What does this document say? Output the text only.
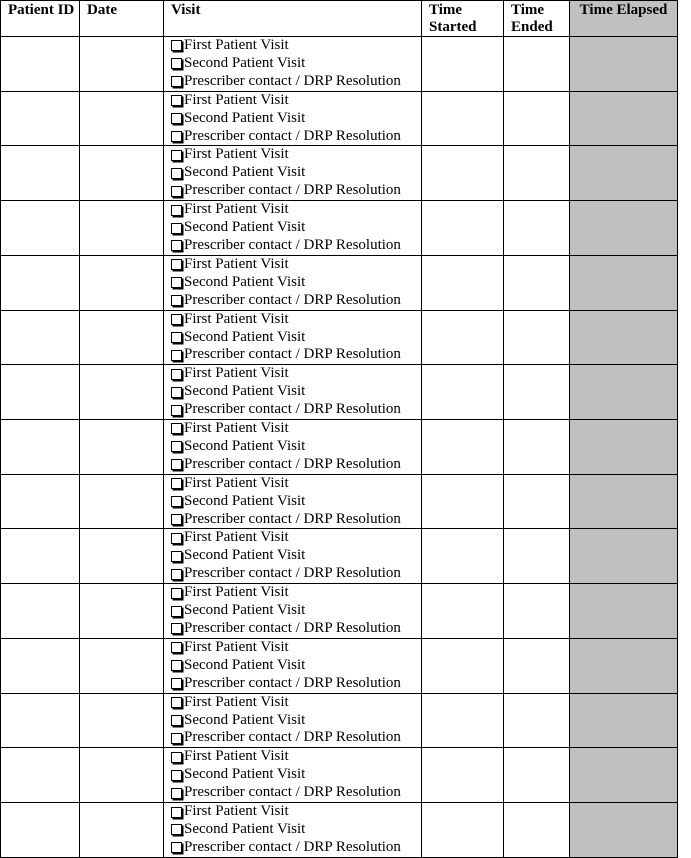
Patient ID	Date	Visit	Time Started	Time Ended	Time Elapsed

		First Patient Visit
Second Patient Visit
Prescriber contact / DRP Resolution			

		First Patient Visit
Second Patient Visit
Prescriber contact / DRP Resolution			

		First Patient Visit
Second Patient Visit
Prescriber contact / DRP Resolution			

		First Patient Visit
Second Patient Visit
Prescriber contact / DRP Resolution			

		First Patient Visit
Second Patient Visit
Prescriber contact / DRP Resolution			

		First Patient Visit
Second Patient Visit
Prescriber contact / DRP Resolution			

		First Patient Visit
Second Patient Visit
Prescriber contact / DRP Resolution			

		First Patient Visit
Second Patient Visit
Prescriber contact / DRP Resolution			

		First Patient Visit
Second Patient Visit
Prescriber contact / DRP Resolution			

		First Patient Visit
Second Patient Visit
Prescriber contact / DRP Resolution			

		First Patient Visit
Second Patient Visit
Prescriber contact / DRP Resolution			

		First Patient Visit
Second Patient Visit
Prescriber contact / DRP Resolution			

		First Patient Visit
Second Patient Visit
Prescriber contact / DRP Resolution			

		First Patient Visit
Second Patient Visit
Prescriber contact / DRP Resolution			

		First Patient Visit
Second Patient Visit
Prescriber contact / DRP Resolution			
